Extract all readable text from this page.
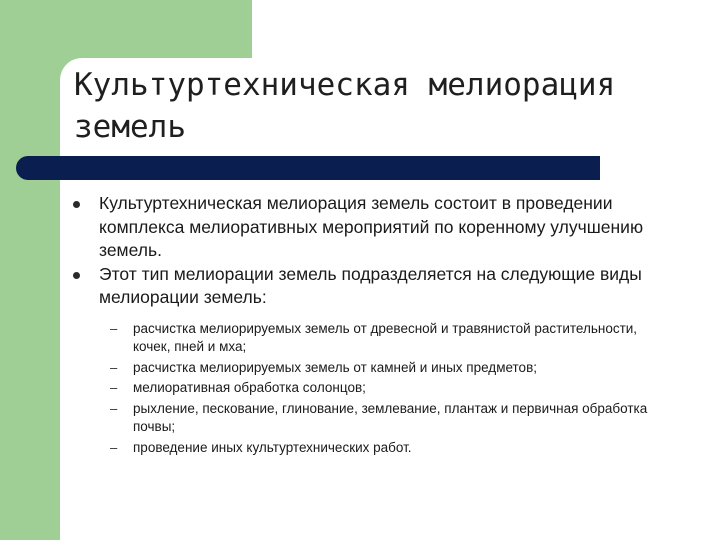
Культуртехническая мелиорация земель
Культуртехническая мелиорация земель состоит в проведении комплекса мелиоративных мероприятий по коренному улучшению земель.
Этот тип мелиорации земель подразделяется на следующие виды мелиорации земель:
– расчистка мелиорируемых земель от древесной и травянистой растительности, кочек, пней и мха;
– расчистка мелиорируемых земель от камней и иных предметов;
– мелиоративная обработка солонцов;
– рыхление, пескование, глинование, землевание, плантаж и первичная обработка почвы;
– проведение иных культуртехнических работ.
